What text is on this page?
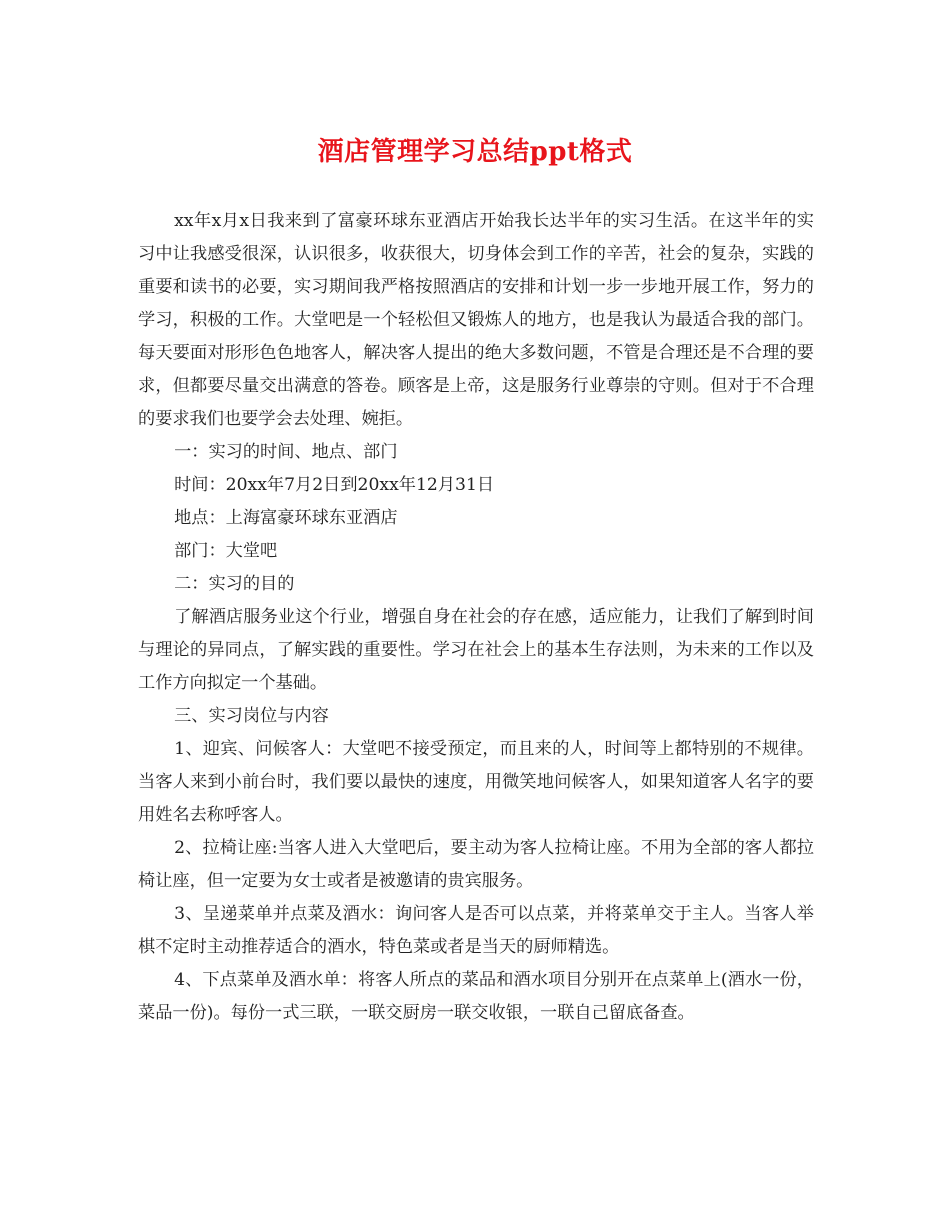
酒店管理学习总结ppt格式

xx年x月x日我来到了富豪环球东亚酒店开始我长达半年的实习生活。在这半年的实习中让我感受很深，认识很多，收获很大，切身体会到工作的辛苦，社会的复杂，实践的重要和读书的必要，实习期间我严格按照酒店的安排和计划一步一步地开展工作，努力的学习，积极的工作。大堂吧是一个轻松但又锻炼人的地方，也是我认为最适合我的部门。每天要面对形形色色地客人，解决客人提出的绝大多数问题，不管是合理还是不合理的要求，但都要尽量交出满意的答卷。顾客是上帝，这是服务行业尊崇的守则。但对于不合理的要求我们也要学会去处理、婉拒。

一：实习的时间、地点、部门

时间：20xx年7月2日到20xx年12月31日

地点：上海富豪环球东亚酒店

部门：大堂吧

二：实习的目的

了解酒店服务业这个行业，增强自身在社会的存在感，适应能力，让我们了解到时间与理论的异同点，了解实践的重要性。学习在社会上的基本生存法则，为未来的工作以及工作方向拟定一个基础。

三、实习岗位与内容

1、迎宾、问候客人：大堂吧不接受预定，而且来的人，时间等上都特别的不规律。当客人来到小前台时，我们要以最快的速度，用微笑地问候客人，如果知道客人名字的要用姓名去称呼客人。

2、拉椅让座:当客人进入大堂吧后，要主动为客人拉椅让座。不用为全部的客人都拉椅让座，但一定要为女士或者是被邀请的贵宾服务。

3、呈递菜单并点菜及酒水：询问客人是否可以点菜，并将菜单交于主人。当客人举棋不定时主动推荐适合的酒水，特色菜或者是当天的厨师精选。

4、下点菜单及酒水单：将客人所点的菜品和酒水项目分别开在点菜单上(酒水一份，菜品一份)。每份一式三联，一联交厨房一联交收银，一联自己留底备查。
